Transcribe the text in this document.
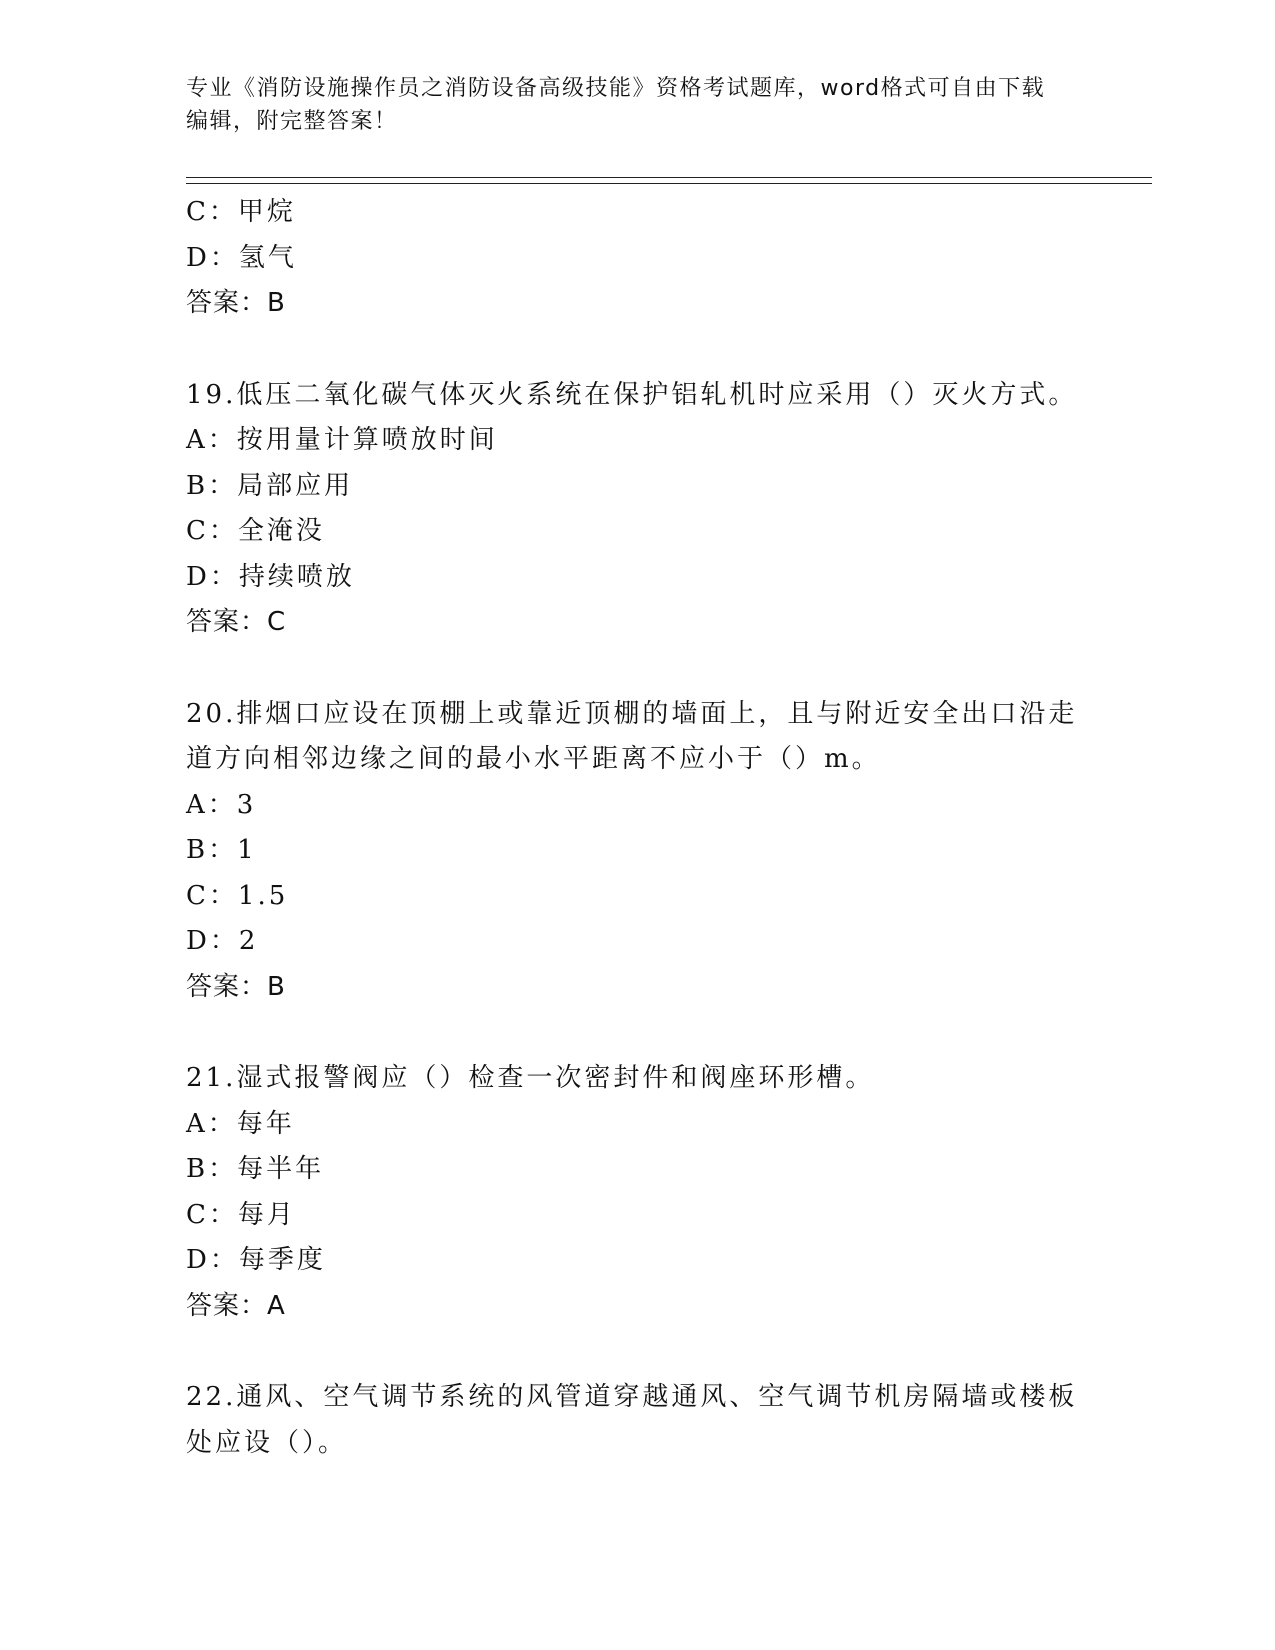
专业《消防设施操作员之消防设备高级技能》资格考试题库，word格式可自由下载编辑，附完整答案！
C：甲烷
D：氢气
答案：B
19.低压二氧化碳气体灭火系统在保护铝轧机时应采用（）灭火方式。
A：按用量计算喷放时间
B：局部应用
C：全淹没
D：持续喷放
答案：C
20.排烟口应设在顶棚上或靠近顶棚的墙面上，且与附近安全出口沿走
道方向相邻边缘之间的最小水平距离不应小于（）m。
A：3
B：1
C：1.5
D：2
答案：B
21.湿式报警阀应（）检查一次密封件和阀座环形槽。
A：每年
B：每半年
C：每月
D：每季度
答案：A
22.通风、空气调节系统的风管道穿越通风、空气调节机房隔墙或楼板
处应设（）。
